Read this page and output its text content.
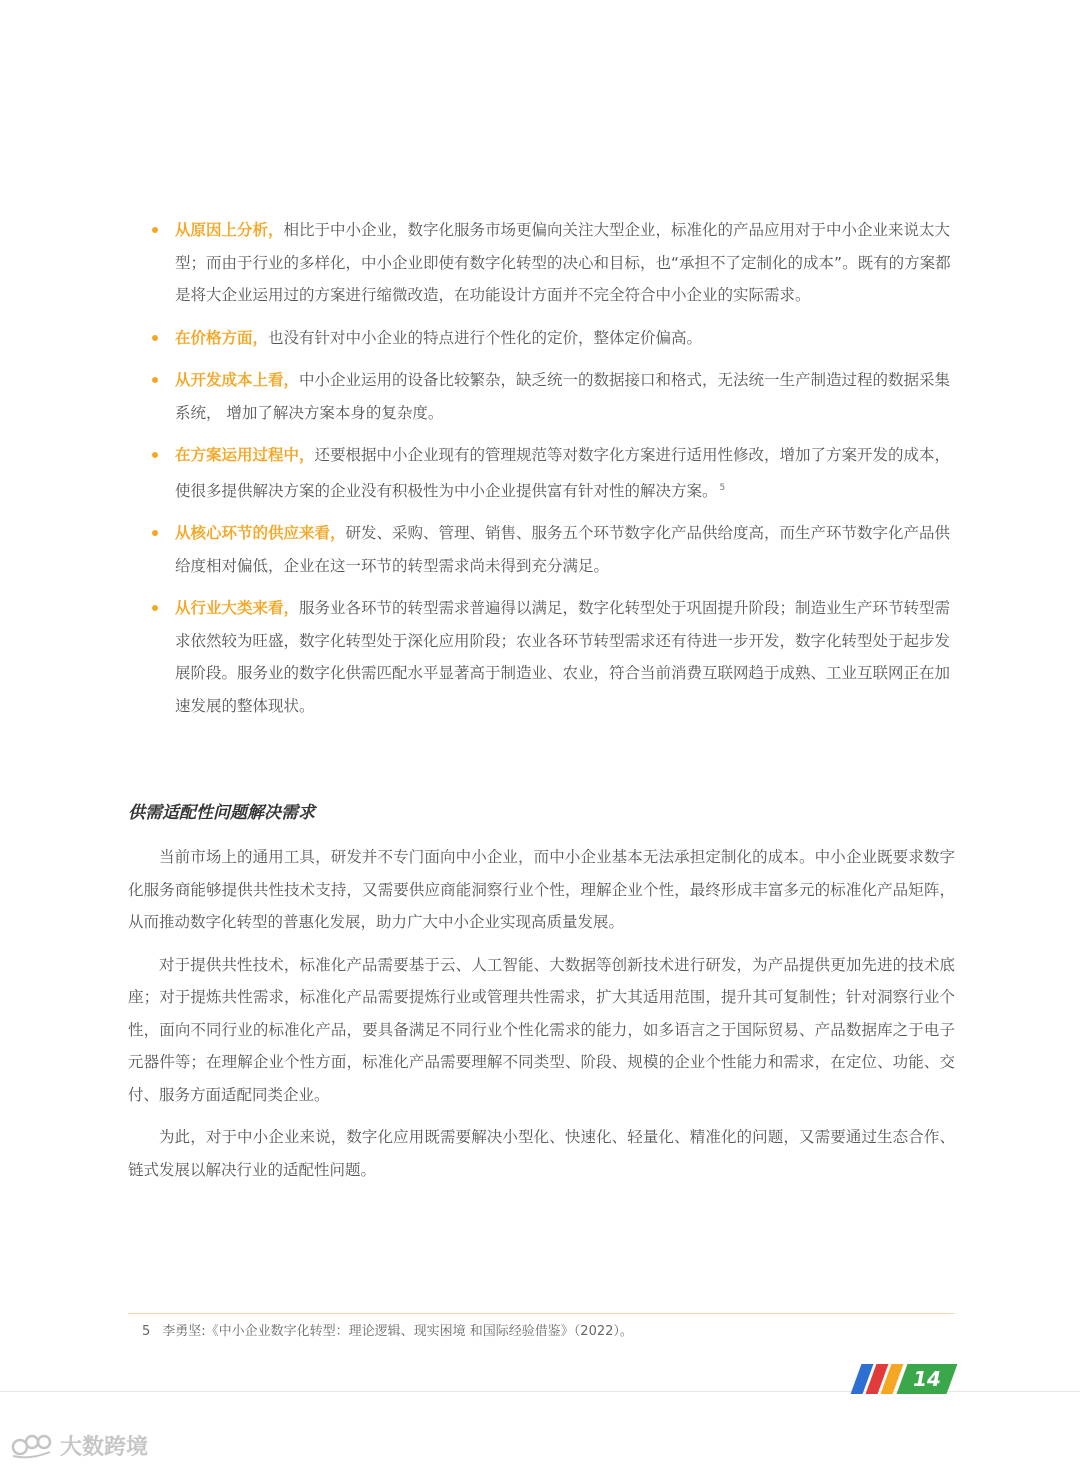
从原因上分析，相比于中小企业，数字化服务市场更偏向关注大型企业，标准化的产品应用对于中小企业来说太大型；而由于行业的多样化，中小企业即使有数字化转型的决心和目标，也“承担不了定制化的成本”。既有的方案都是将大企业运用过的方案进行缩微改造，在功能设计方面并不完全符合中小企业的实际需求。
在价格方面，也没有针对中小企业的特点进行个性化的定价，整体定价偏高。
从开发成本上看，中小企业运用的设备比较繁杂，缺乏统一的数据接口和格式，无法统一生产制造过程的数据采集系统， 增加了解决方案本身的复杂度。
在方案运用过程中，还要根据中小企业现有的管理规范等对数字化方案进行适用性修改，增加了方案开发的成本，使很多提供解决方案的企业没有积极性为中小企业提供富有针对性的解决方案。 $^5$
从核心环节的供应来看，研发、采购、管理、销售、服务五个环节数字化产品供给度高，而生产环节数字化产品供给度相对偏低，企业在这一环节的转型需求尚未得到充分满足。
从行业大类来看，服务业各环节的转型需求普遍得以满足，数字化转型处于巩固提升阶段；制造业生产环节转型需求依然较为旺盛，数字化转型处于深化应用阶段；农业各环节转型需求还有待进一步开发，数字化转型处于起步发展阶段。服务业的数字化供需匹配水平显著高于制造业、农业，符合当前消费互联网趋于成熟、工业互联网正在加速发展的整体现状。
供需适配性问题解决需求

当前市场上的通用工具，研发并不专门面向中小企业，而中小企业基本无法承担定制化的成本。中小企业既要求数字化服务商能够提供共性技术支持，又需要供应商能洞察行业个性，理解企业个性，最终形成丰富多元的标准化产品矩阵，从而推动数字化转型的普惠化发展，助力广大中小企业实现高质量发展。

对于提供共性技术，标准化产品需要基于云、人工智能、大数据等创新技术进行研发，为产品提供更加先进的技术底座；对于提炼共性需求，标准化产品需要提炼行业或管理共性需求，扩大其适用范围，提升其可复制性；针对洞察行业个性，面向不同行业的标准化产品，要具备满足不同行业个性化需求的能力，如多语言之于国际贸易、产品数据库之于电子元器件等；在理解企业个性方面，标准化产品需要理解不同类型、阶段、规模的企业个性能力和需求，在定位、功能、交付、服务方面适配同类企业。

为此，对于中小企业来说，数字化应用既需要解决小型化、快速化、轻量化、精准化的问题，又需要通过生态合作、链式发展以解决行业的适配性问题。

5 李勇坚:《中小企业数字化转型：理论逻辑、现实困境 和国际经验借鉴》（2022）。
14
大数跨境
